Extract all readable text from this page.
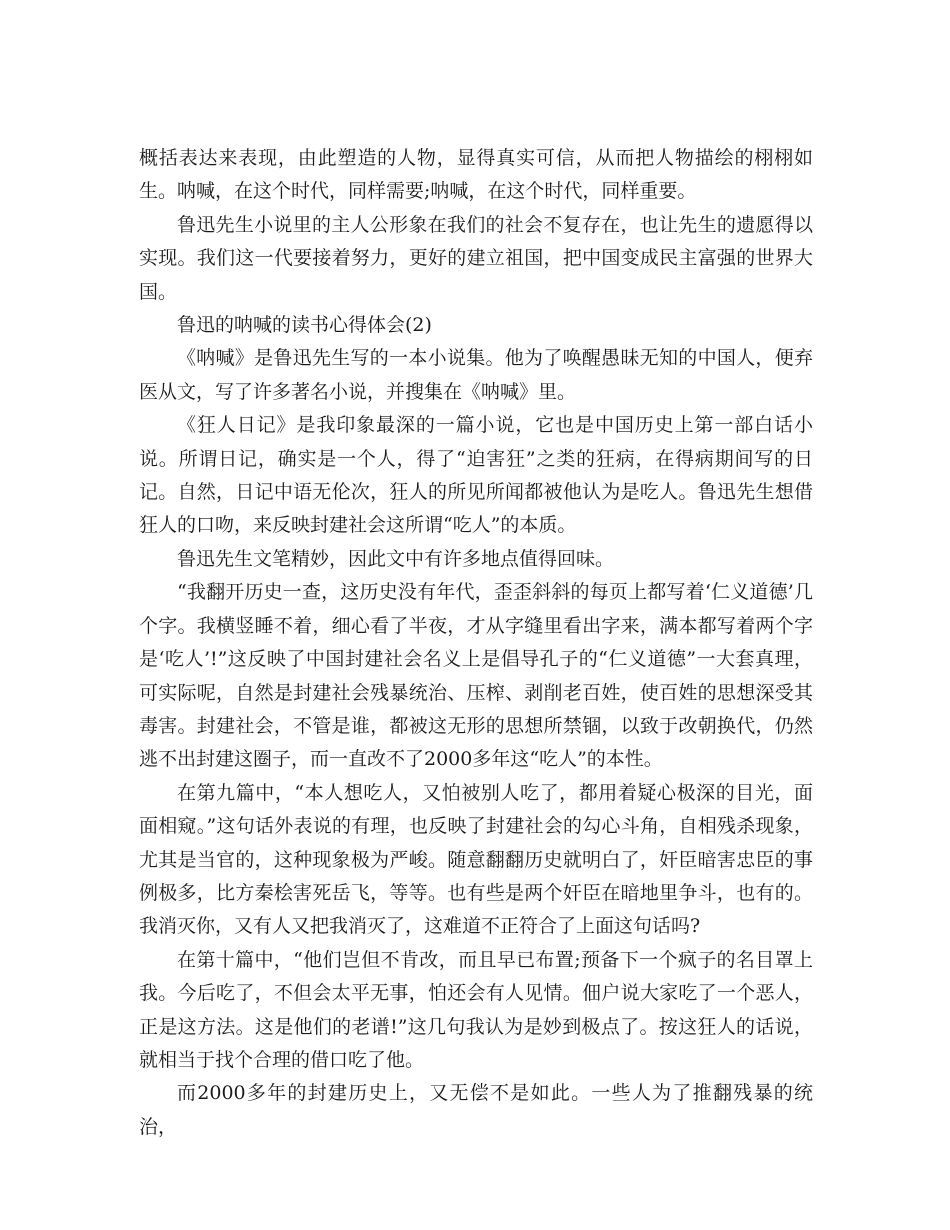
概括表达来表现，由此塑造的人物，显得真实可信，从而把人物描绘的栩栩如生。呐喊，在这个时代，同样需要;呐喊，在这个时代，同样重要。

鲁迅先生小说里的主人公形象在我们的社会不复存在，也让先生的遗愿得以实现。我们这一代要接着努力，更好的建立祖国，把中国变成民主富强的世界大国。

鲁迅的呐喊的读书心得体会(2)

《呐喊》是鲁迅先生写的一本小说集。他为了唤醒愚昧无知的中国人，便弃医从文，写了许多著名小说，并搜集在《呐喊》里。

《狂人日记》是我印象最深的一篇小说，它也是中国历史上第一部白话小说。所谓日记，确实是一个人，得了“迫害狂”之类的狂病，在得病期间写的日记。自然，日记中语无伦次，狂人的所见所闻都被他认为是吃人。鲁迅先生想借狂人的口吻，来反映封建社会这所谓“吃人”的本质。

鲁迅先生文笔精妙，因此文中有许多地点值得回味。

“我翻开历史一查，这历史没有年代，歪歪斜斜的每页上都写着‘仁义道德’几个字。我横竖睡不着，细心看了半夜，才从字缝里看出字来，满本都写着两个字是‘吃人’!”这反映了中国封建社会名义上是倡导孔子的“仁义道德”一大套真理，可实际呢，自然是封建社会残暴统治、压榨、剥削老百姓，使百姓的思想深受其毒害。封建社会，不管是谁，都被这无形的思想所禁锢，以致于改朝换代，仍然逃不出封建这圈子，而一直改不了2000多年这“吃人”的本性。

在第九篇中，“本人想吃人，又怕被别人吃了，都用着疑心极深的目光，面面相窥。”这句话外表说的有理，也反映了封建社会的勾心斗角，自相残杀现象，尤其是当官的，这种现象极为严峻。随意翻翻历史就明白了，奸臣暗害忠臣的事例极多，比方秦桧害死岳飞，等等。也有些是两个奸臣在暗地里争斗，也有的。我消灭你，又有人又把我消灭了，这难道不正符合了上面这句话吗?

在第十篇中，“他们岂但不肯改，而且早已布置;预备下一个疯子的名目罩上我。今后吃了，不但会太平无事，怕还会有人见情。佃户说大家吃了一个恶人，正是这方法。这是他们的老谱!”这几句我认为是妙到极点了。按这狂人的话说，就相当于找个合理的借口吃了他。

而2000多年的封建历史上，又无偿不是如此。一些人为了推翻残暴的统治，
